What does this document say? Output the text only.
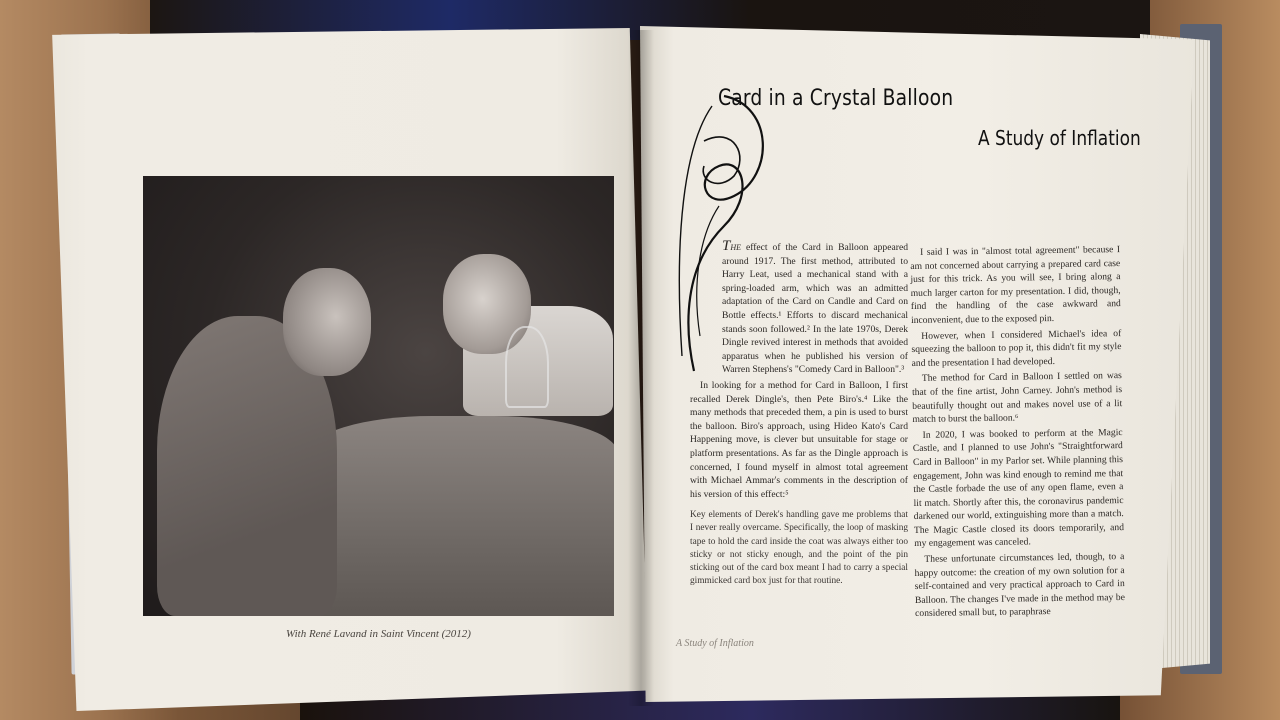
With René Lavand in Saint Vincent (2012)
Card in a Crystal Balloon
A Study of Inflation

THE effect of the Card in Balloon appeared around 1917. The first method, attributed to Harry Leat, used a mechanical stand with a spring-loaded arm, which was an admitted adaptation of the Card on Candle and Card on Bottle effects.¹ Efforts to discard mechanical stands soon followed.² In the late 1970s, Derek Dingle revived interest in methods that avoided apparatus when he published his version of Warren Stephens's "Comedy Card in Balloon".³

In looking for a method for Card in Balloon, I first recalled Derek Dingle's, then Pete Biro's.⁴ Like the many methods that preceded them, a pin is used to burst the balloon. Biro's approach, using Hideo Kato's Card Happening move, is clever but unsuitable for stage or platform presentations. As far as the Dingle approach is concerned, I found myself in almost total agreement with Michael Ammar's comments in the description of his version of this effect:⁵

Key elements of Derek's handling gave me problems that I never really overcame. Specifically, the loop of masking tape to hold the card inside the coat was always either too sticky or not sticky enough, and the point of the pin sticking out of the card box meant I had to carry a special gimmicked card box just for that routine.

I said I was in "almost total agreement" because I am not concerned about carrying a prepared card case just for this trick. As you will see, I bring along a much larger carton for my presentation. I did, though, find the handling of the case awkward and inconvenient, due to the exposed pin.

However, when I considered Michael's idea of squeezing the balloon to pop it, this didn't fit my style and the presentation I had developed.

The method for Card in Balloon I settled on was that of the fine artist, John Carney. John's method is beautifully thought out and makes novel use of a lit match to burst the balloon.⁶

In 2020, I was booked to perform at the Magic Castle, and I planned to use John's "Straightforward Card in Balloon" in my Parlor set. While planning this engagement, John was kind enough to remind me that the Castle forbade the use of any open flame, even a lit match. Shortly after this, the coronavirus pandemic darkened our world, extinguishing more than a match. The Magic Castle closed its doors temporarily, and my engagement was canceled.

These unfortunate circumstances led, though, to a happy outcome: the creation of my own solution for a self-contained and very practical approach to Card in Balloon. The changes I've made in the method may be considered small but, to paraphrase

A Study of Inflation
